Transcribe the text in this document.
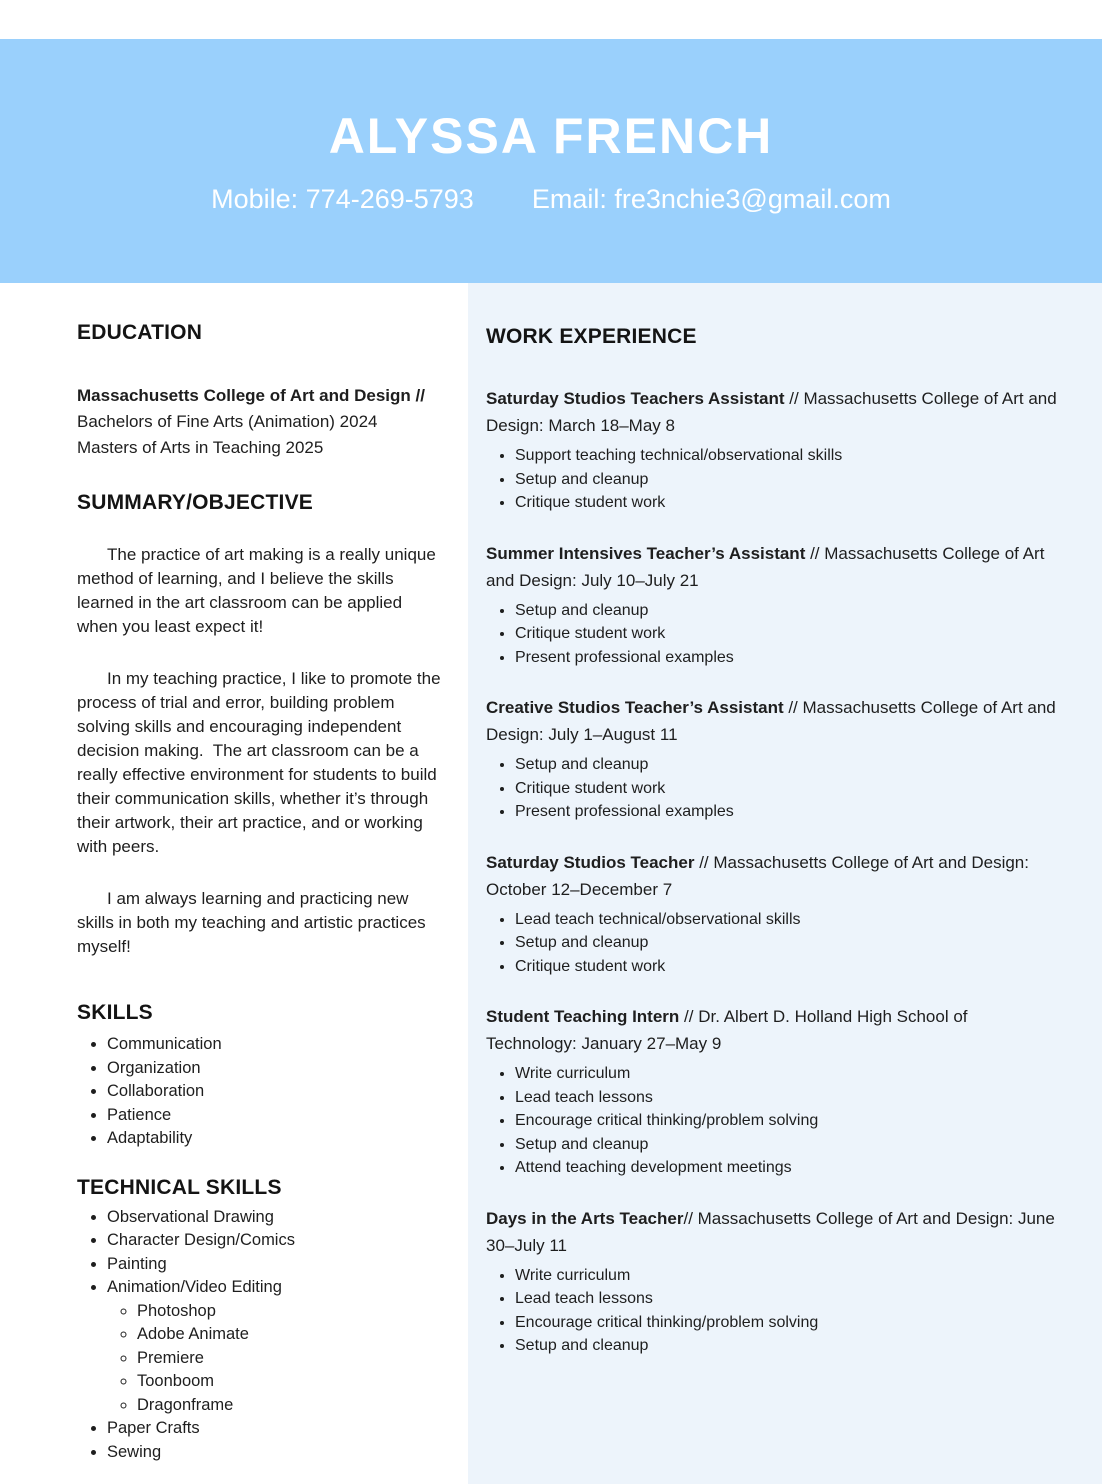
ALYSSA FRENCH
Mobile: 774-269-5793 Email: fre3nchie3@gmail.com
EDUCATION
Massachusetts College of Art and Design //
Bachelors of Fine Arts (Animation) 2024
Masters of Arts in Teaching 2025
SUMMARY/OBJECTIVE

The practice of art making is a really unique method of learning, and I believe the skills learned in the art classroom can be applied when you least expect it!

In my teaching practice, I like to promote the process of trial and error, building problem solving skills and encouraging independent decision making.  The art classroom can be a really effective environment for students to build their communication skills, whether it’s through their artwork, their art practice, and or working with peers.

I am always learning and practicing new skills in both my teaching and artistic practices myself!

SKILLS
• Communication
• Organization
• Collaboration
• Patience
• Adaptability
TECHNICAL SKILLS
• Observational Drawing
• Character Design/Comics
• Painting
• Animation/Video Editing
◦ Photoshop
◦ Adobe Animate
◦ Premiere
◦ Toonboom
◦ Dragonframe
• Paper Crafts
• Sewing
WORK EXPERIENCE

Saturday Studios Teachers Assistant // Massachusetts College of Art and Design: March 18–May 8

• Support teaching technical/observational skills
• Setup and cleanup
• Critique student work

Summer Intensives Teacher’s Assistant // Massachusetts College of Art and Design: July 10–July 21

• Setup and cleanup
• Critique student work
• Present professional examples

Creative Studios Teacher’s Assistant // Massachusetts College of Art and Design: July 1–August 11

• Setup and cleanup
• Critique student work
• Present professional examples

Saturday Studios Teacher // Massachusetts College of Art and Design: October 12–December 7

• Lead teach technical/observational skills
• Setup and cleanup
• Critique student work

Student Teaching Intern // Dr. Albert D. Holland High School of Technology: January 27–May 9

• Write curriculum
• Lead teach lessons
• Encourage critical thinking/problem solving
• Setup and cleanup
• Attend teaching development meetings

Days in the Arts Teacher// Massachusetts College of Art and Design: June 30–July 11

• Write curriculum
• Lead teach lessons
• Encourage critical thinking/problem solving
• Setup and cleanup
